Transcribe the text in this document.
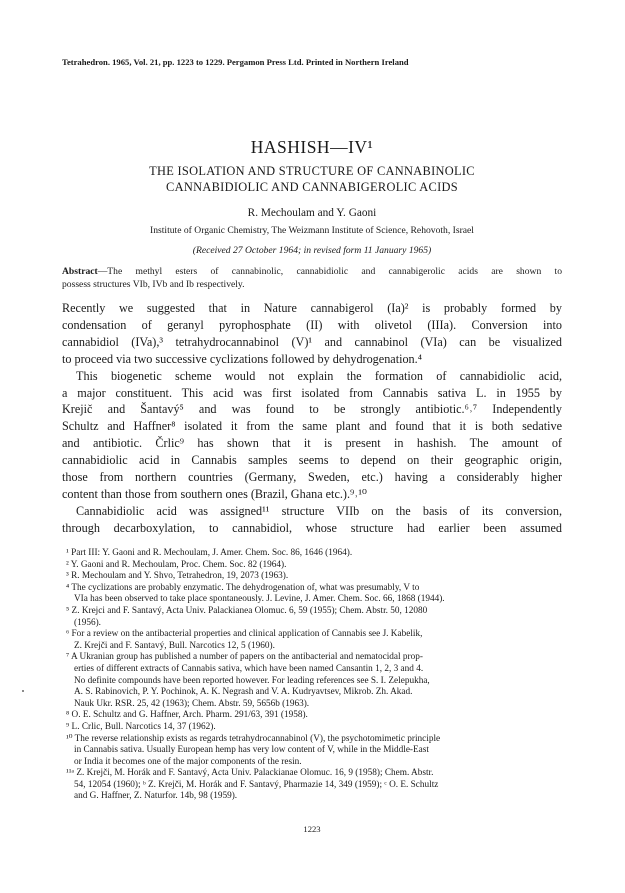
Tetrahedron. 1965, Vol. 21, pp. 1223 to 1229. Pergamon Press Ltd. Printed in Northern Ireland
HASHISH—IV¹
THE ISOLATION AND STRUCTURE OF CANNABINOLIC
CANNABIDIOLIC AND CANNABIGEROLIC ACIDS
R. Mechoulam and Y. Gaoni
Institute of Organic Chemistry, The Weizmann Institute of Science, Rehovoth, Israel
(Received 27 October 1964; in revised form 11 January 1965)
Abstract—The methyl esters of cannabinolic, cannabidiolic and cannabigerolic acids are shown to
possess structures VIb, IVb and Ib respectively.
Recently we suggested that in Nature cannabigerol (Ia)² is probably formed by
condensation of geranyl pyrophosphate (II) with olivetol (IIIa). Conversion into
cannabidiol (IVa),³ tetrahydrocannabinol (V)¹ and cannabinol (VIa) can be visualized
to proceed via two successive cyclizations followed by dehydrogenation.⁴
This biogenetic scheme would not explain the formation of cannabidiolic acid,
a major constituent. This acid was first isolated from Cannabis sativa L. in 1955 by
Krejič and Šantavý⁵ and was found to be strongly antibiotic.⁶˒⁷ Independently
Schultz and Haffner⁸ isolated it from the same plant and found that it is both sedative
and antibiotic. Črlic⁹ has shown that it is present in hashish. The amount of
cannabidiolic acid in Cannabis samples seems to depend on their geographic origin,
those from northern countries (Germany, Sweden, etc.) having a considerably higher
content than those from southern ones (Brazil, Ghana etc.).⁹˒¹⁰
Cannabidiolic acid was assigned¹¹ structure VIIb on the basis of its conversion,
through decarboxylation, to cannabidiol, whose structure had earlier been assumed
¹ Part III: Y. Gaoni and R. Mechoulam, J. Amer. Chem. Soc. 86, 1646 (1964).
² Y. Gaoni and R. Mechoulam, Proc. Chem. Soc. 82 (1964).
³ R. Mechoulam and Y. Shvo, Tetrahedron, 19, 2073 (1963).
⁴ The cyclizations are probably enzymatic. The dehydrogenation of, what was presumably, V to
VIa has been observed to take place spontaneously. J. Levine, J. Amer. Chem. Soc. 66, 1868 (1944).
⁵ Z. Krejci and F. Šantavý, Acta Univ. Palackianea Olomuc. 6, 59 (1955); Chem. Abstr. 50, 12080
(1956).
⁶ For a review on the antibacterial properties and clinical application of Cannabis see J. Kabelik,
Z. Krejči and F. Šantavý, Bull. Narcotics 12, 5 (1960).
⁷ A Ukranian group has published a number of papers on the antibacterial and nematocidal prop-
erties of different extracts of Cannabis sativa, which have been named Cansantin 1, 2, 3 and 4.
No definite compounds have been reported however. For leading references see S. I. Zelepukha,
A. S. Rabinovich, P. Y. Pochinok, A. K. Negrash and V. A. Kudryavtsev, Mikrob. Zh. Akad.
Nauk Ukr. RSR. 25, 42 (1963); Chem. Abstr. 59, 5656b (1963).
⁸ O. E. Schultz and G. Haffner, Arch. Pharm. 291/63, 391 (1958).
⁹ L. Črlic, Bull. Narcotics 14, 37 (1962).
¹⁰ The reverse relationship exists as regards tetrahydrocannabinol (V), the psychotomimetic principle
in Cannabis sativa. Usually European hemp has very low content of V, while in the Middle-East
or India it becomes one of the major components of the resin.
¹¹ᵃ Z. Krejči, M. Horák and F. Šantavý, Acta Univ. Palackianae Olomuc. 16, 9 (1958); Chem. Abstr.
54, 12054 (1960); ᵇ Z. Krejči, M. Horák and F. Šantavý, Pharmazie 14, 349 (1959); ᶜ O. E. Schultz
and G. Haffner, Z. Naturfor. 14b, 98 (1959).
1223
